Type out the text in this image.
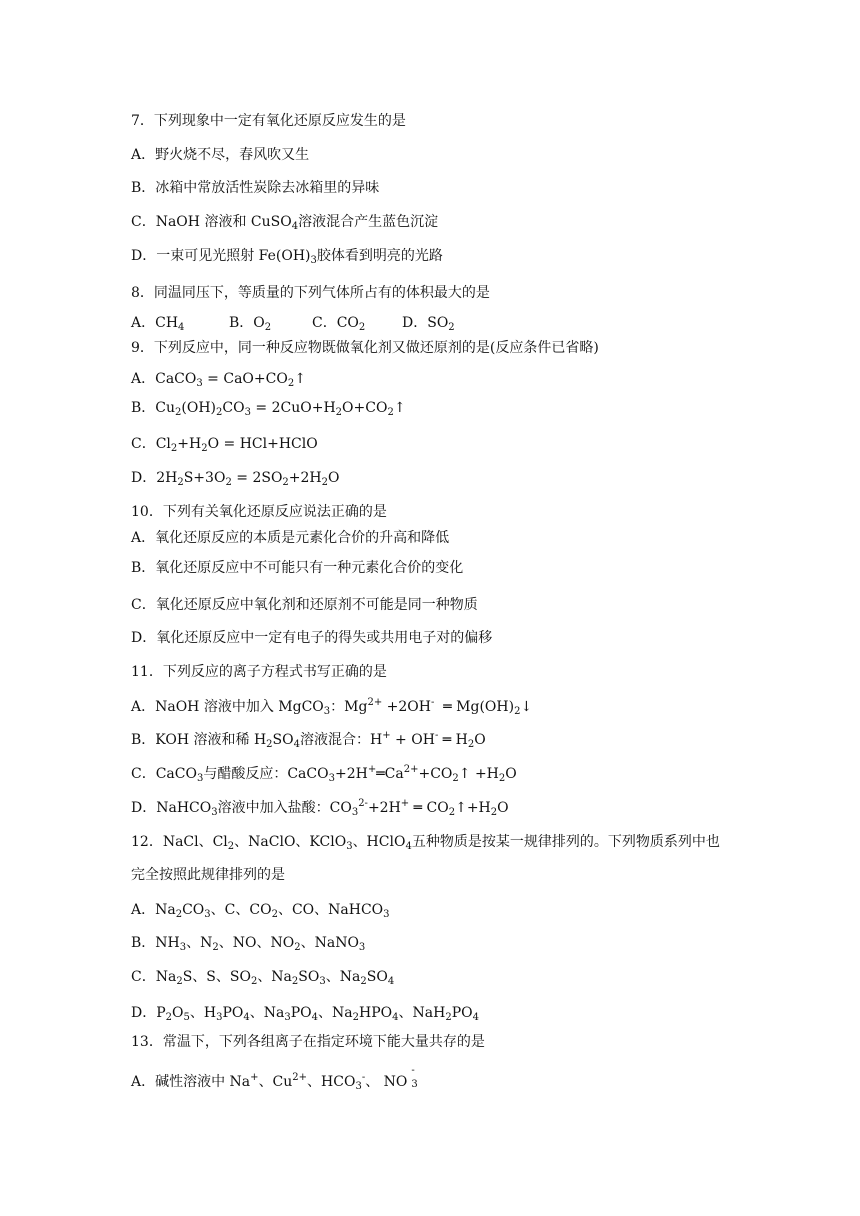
7．下列现象中一定有氧化还原反应发生的是
A．野火烧不尽，春风吹又生
B．冰箱中常放活性炭除去冰箱里的异味
C．NaOH 溶液和 CuSO$_4$溶液混合产生蓝色沉淀
D．一束可见光照射 $Fe(OH)_3$胶体看到明亮的光路
8．同温同压下，等质量的下列气体所占有的体积最大的是
A．$CH_4$	B．$O_2$	C．$CO_2$	D．$SO_2$
9．下列反应中，同一种反应物既做氧化剂又做还原剂的是(反应条件已省略)
A．CaCO$_3$ = $CaO+CO_2↑$
B．$Cu_2(OH)_2CO_3$ = $2CuO+H_2O+CO_2↑$
C．$Cl_2+H_2O$ = HCl+HClO
D．$2H_2S+3O_2 = 2SO_2+2H_2O$
10．下列有关氧化还原反应说法正确的是
A．氧化还原反应的本质是元素化合价的升高和降低
B．氧化还原反应中不可能只有一种元素化合价的变化
C．氧化还原反应中氧化剂和还原剂不可能是同一种物质
D．氧化还原反应中一定有电子的得失或共用电子对的偏移
11．下列反应的离子方程式书写正确的是
A．NaOH 溶液中加入 MgCO$_3$：$Mg^{2+} +2OH^-$  ═ $Mg(OH)_2↓$
B．KOH 溶液和稀 $H_2SO_4$溶液混合：H+ + OH- ═ $H_2O$
C．CaCO$_3$与醋酸反应：$CaCO_3+2H^+═Ca^{2+}+CO_2↑ +H_2O$
D．NaHCO$_3$溶液中加入盐酸：$CO_3^{2-}+2H^+$ ═ $CO_2↑+H_2O$
12．NaCl、$Cl_2$、NaClO、KClO$_3$、HClO$_4$五种物质是按某一规律排列的。下列物质系列中也
完全按照此规律排列的是
A．$Na_2CO_3$、C、$CO_2$、CO、NaHCO$_3$
B．$NH_3$、$N_2$、NO、$NO_2$、NaNO$_3$
C．$Na_2S$、S、$SO_2$、$Na_2SO_3$、$Na_2SO_4$
D．$P_2O_5$、$H_3PO_4$、$Na_3PO_4$、$Na_2HPO_4$、$NaH_2PO_4$
13．常温下，下列各组离子在指定环境下能大量共存的是
A．碱性溶液中 Na+、$Cu^{2+}$、$HCO_3^-$、 NO
-
3
